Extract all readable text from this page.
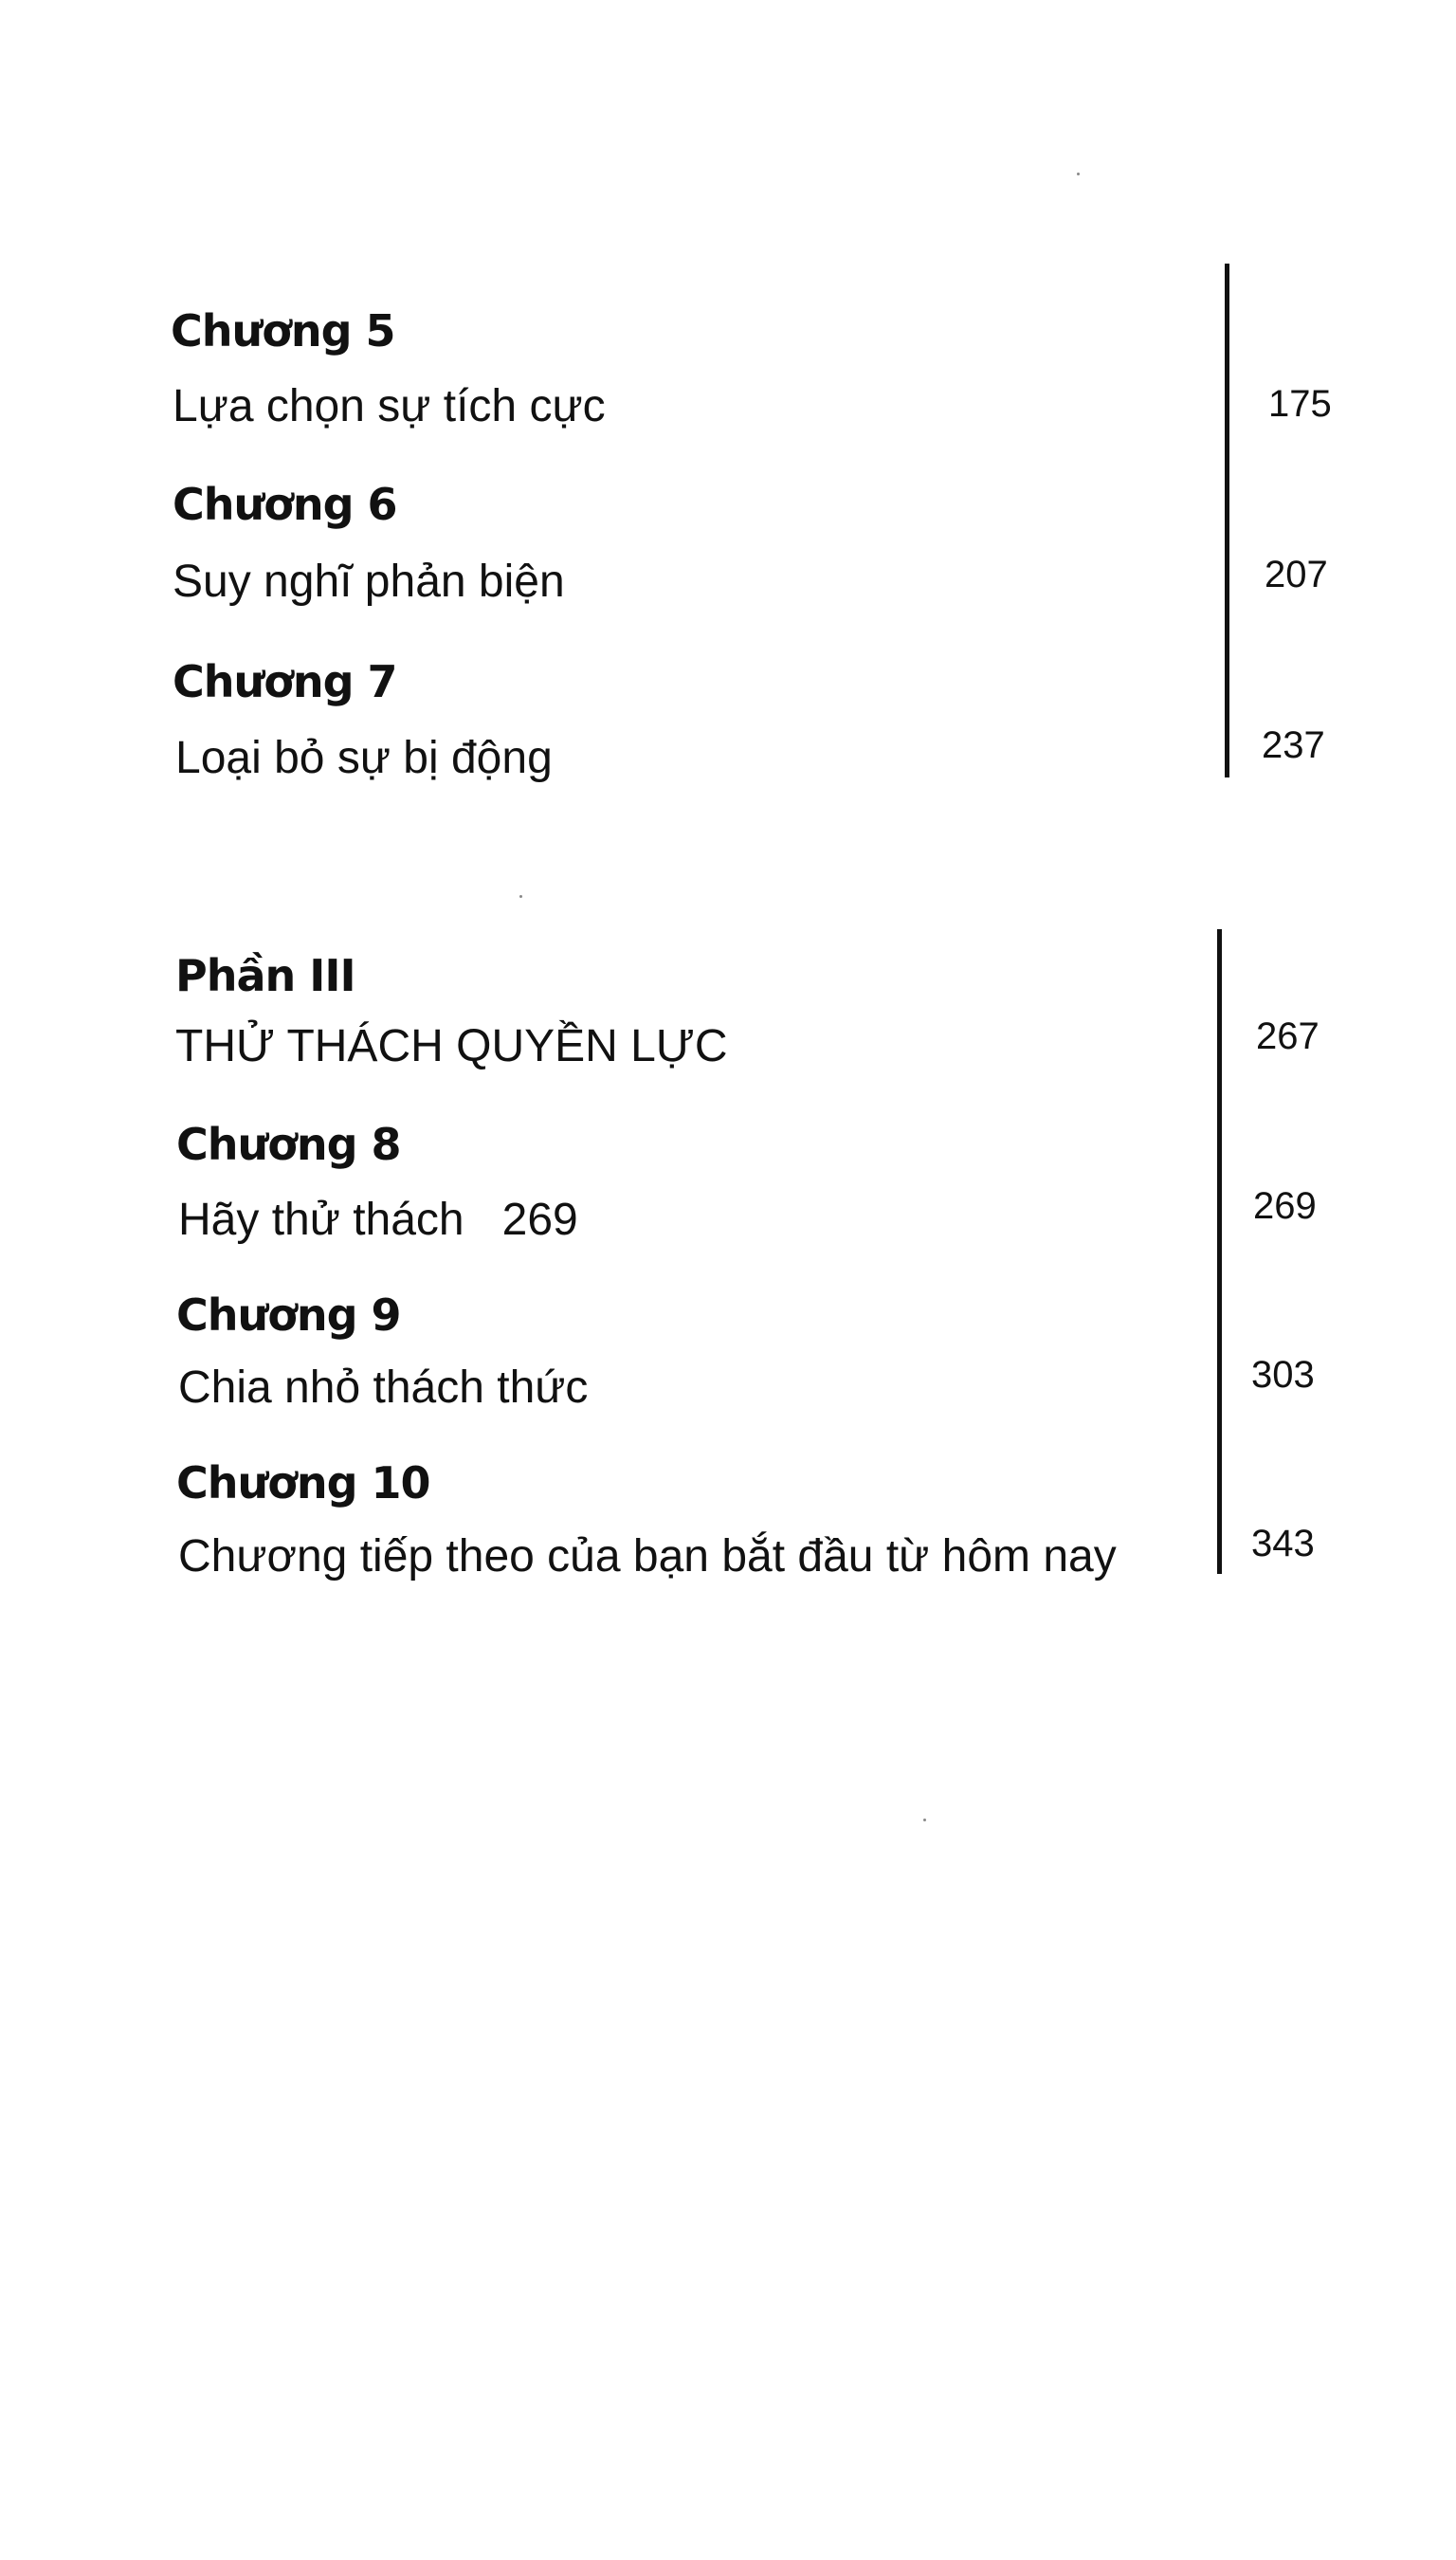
Chương 5
Lựa chọn sự tích cực	175
Chương 6
Suy nghĩ phản biện	207
Chương 7
Loại bỏ sự bị động	237
Phần III
THỬ THÁCH QUYỀN LỰC	267
Chương 8
Hãy thử thách   269	269
Chương 9
Chia nhỏ thách thức	303
Chương 10
Chương tiếp theo của bạn bắt đầu từ hôm nay	343
